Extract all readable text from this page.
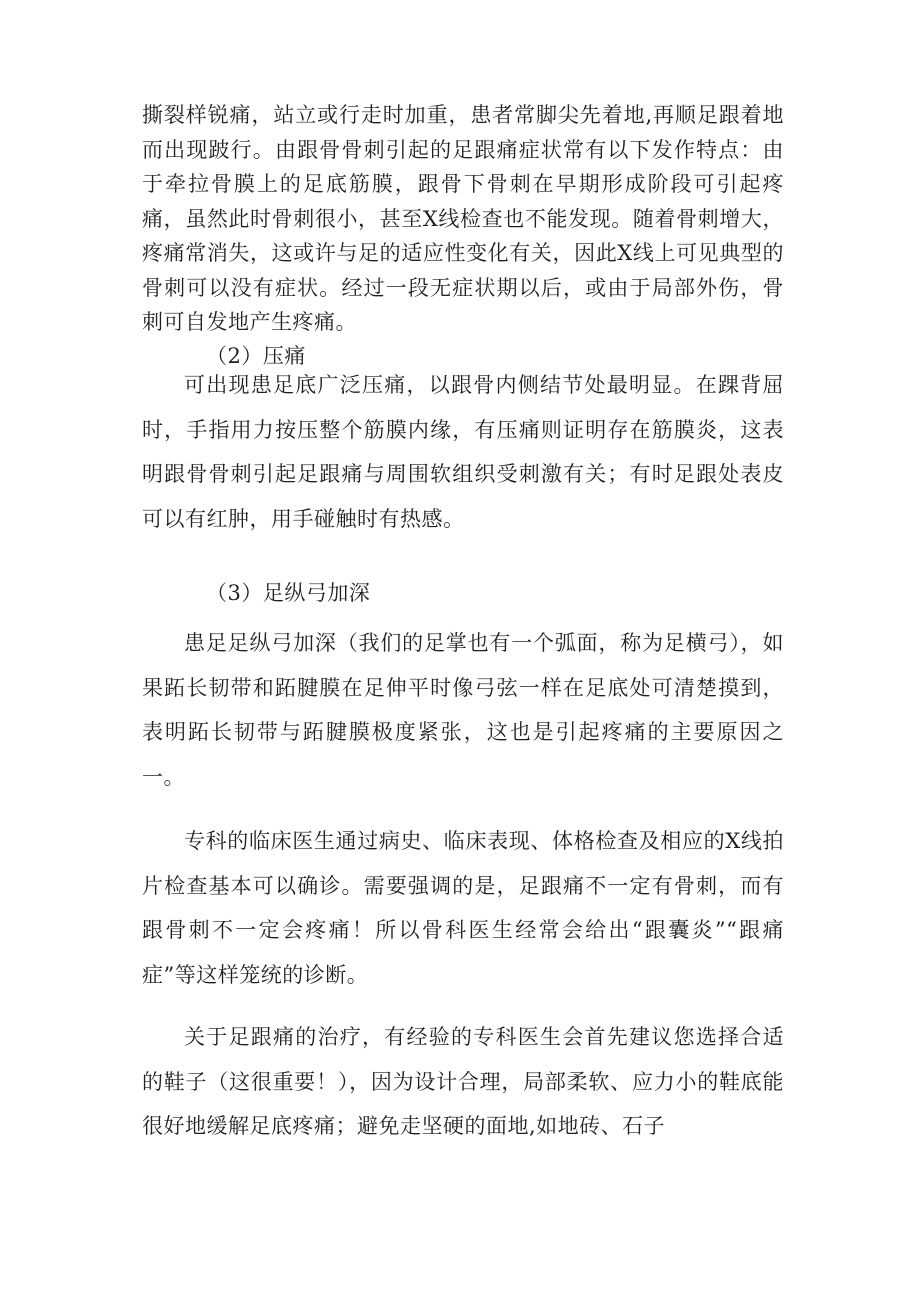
撕裂样锐痛，站立或行走时加重，患者常脚尖先着地,再顺足跟着地而出现跛行。由跟骨骨刺引起的足跟痛症状常有以下发作特点：由于牵拉骨膜上的足底筋膜，跟骨下骨刺在早期形成阶段可引起疼痛，虽然此时骨刺很小，甚至X线检查也不能发现。随着骨刺增大，疼痛常消失，这或许与足的适应性变化有关，因此X线上可见典型的骨刺可以没有症状。经过一段无症状期以后，或由于局部外伤，骨刺可自发地产生疼痛。

（2）压痛

可出现患足底广泛压痛，以跟骨内侧结节处最明显。在踝背屈时，手指用力按压整个筋膜内缘，有压痛则证明存在筋膜炎，这表明跟骨骨刺引起足跟痛与周围软组织受刺激有关；有时足跟处表皮可以有红肿，用手碰触时有热感。

（3）足纵弓加深

患足足纵弓加深（我们的足掌也有一个弧面，称为足横弓），如果跖长韧带和跖腱膜在足伸平时像弓弦一样在足底处可清楚摸到，表明跖长韧带与跖腱膜极度紧张，这也是引起疼痛的主要原因之一。

专科的临床医生通过病史、临床表现、体格检查及相应的X线拍片检查基本可以确诊。需要强调的是，足跟痛不一定有骨刺，而有跟骨刺不一定会疼痛！所以骨科医生经常会给出“跟囊炎”“跟痛症”等这样笼统的诊断。

关于足跟痛的治疗，有经验的专科医生会首先建议您选择合适的鞋子（这很重要！），因为设计合理，局部柔软、应力小的鞋底能很好地缓解足底疼痛；避免走坚硬的面地,如地砖、石子
